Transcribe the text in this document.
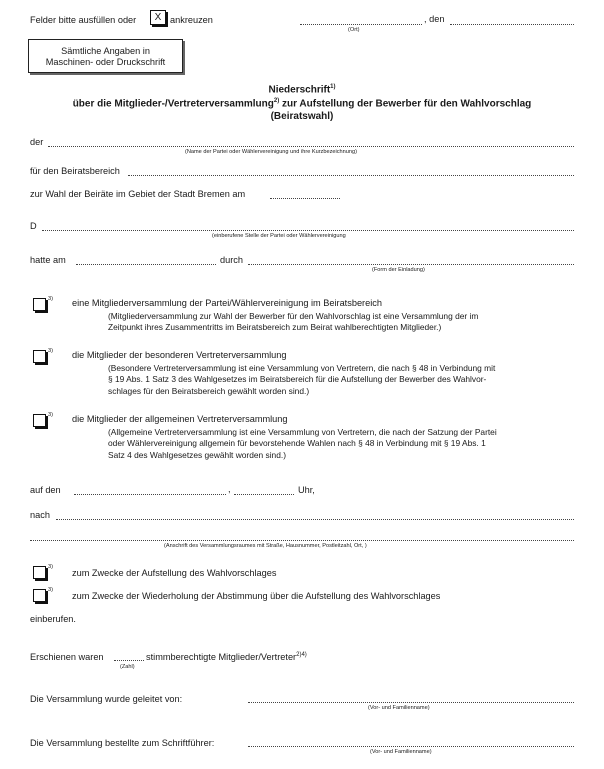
Felder bitte ausfüllen oder	X ankreuzen	, den
(Ort)
Sämtliche Angaben in
Maschinen- oder Druckschrift
Niederschrift$^{1)}$
über die Mitglieder-/Vertreterversammlung$^{2)}$ zur Aufstellung der Bewerber für den Wahlvorschlag
(Beiratswahl)
der
(Name der Partei oder Wählervereinigung und ihre Kurzbezeichnung)
für den Beiratsbereich
zur Wahl der Beiräte im Gebiet der Stadt Bremen am
D
(einberufene Stelle der Partei oder Wählervereinigung
hatte am	durch
(Form der Einladung)
3) eine Mitgliederversammlung der Partei/Wählervereinigung im Beiratsbereich
(Mitgliederversammlung zur Wahl der Bewerber für den Wahlvorschlag ist eine Versammlung der im
Zeitpunkt ihres Zusammentritts im Beiratsbereich zum Beirat wahlberechtigten Mitglieder.)
3) die Mitglieder der besonderen Vertreterversammlung
(Besondere Vertreterversammlung ist eine Versammlung von Vertretern, die nach § 48 in Verbindung mit
§ 19 Abs. 1 Satz 3 des Wahlgesetzes im Beiratsbereich für die Aufstellung der Bewerber des Wahlvor-
schlages für den Beiratsbereich gewählt worden sind.)
3) die Mitglieder der allgemeinen Vertreterversammlung
(Allgemeine Vertreterversammlung ist eine Versammlung von Vertretern, die nach der Satzung der Partei
oder Wählervereinigung allgemein für bevorstehende Wahlen nach § 48 in Verbindung mit § 19 Abs. 1
Satz 4 des Wahlgesetzes gewählt worden sind.)
auf den	,	Uhr,
nach
(Anschrift des Versammlungsraumes mit Straße, Hausnummer, Postleitzahl, Ort, )
3)
zum Zwecke der Aufstellung des Wahlvorschlages
3)
zum Zwecke der Wiederholung der Abstimmung über die Aufstellung des Wahlvorschlages
einberufen.
Erschienen waren	stimmberechtigte Mitglieder/Vertreter$^{2)4)}$
(Zahl)
Die Versammlung wurde geleitet von:
(Vor- und Familienname)
Die Versammlung bestellte zum Schriftführer:
(Vor- und Familienname)
